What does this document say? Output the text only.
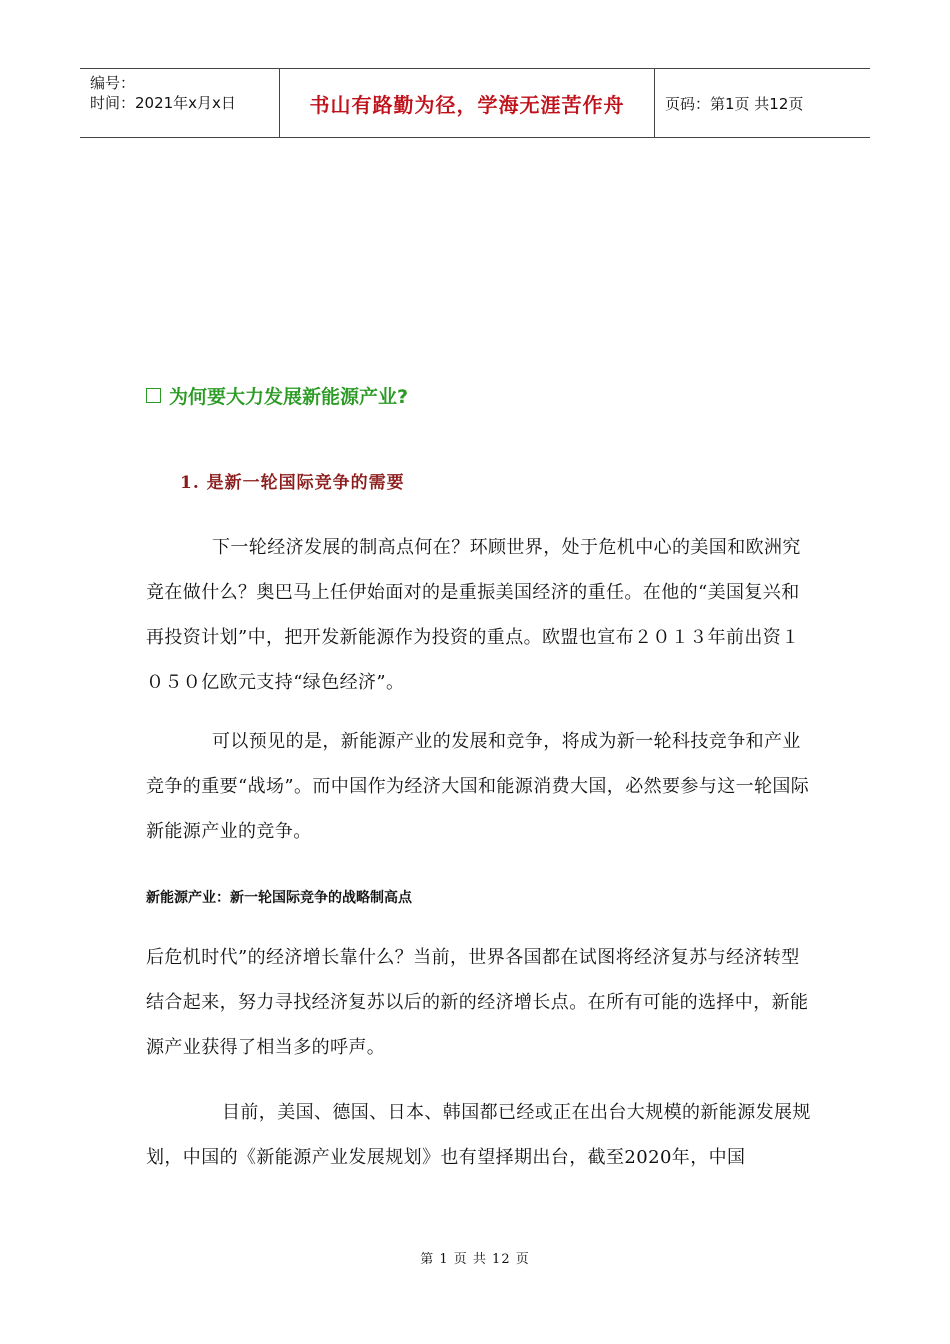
编号：
时间：2021年x月x日	书山有路勤为径，学海无涯苦作舟	页码：第1页 共12页
为何要大力发展新能源产业?
1. 是新一轮国际竞争的需要

下一轮经济发展的制高点何在？环顾世界，处于危机中心的美国和欧洲究竟在做什么？奥巴马上任伊始面对的是重振美国经济的重任。在他的“美国复兴和再投资计划”中，把开发新能源作为投资的重点。欧盟也宣布２０１３年前出资１０５０亿欧元支持“绿色经济”。

可以预见的是，新能源产业的发展和竞争，将成为新一轮科技竞争和产业竞争的重要“战场”。而中国作为经济大国和能源消费大国，必然要参与这一轮国际新能源产业的竞争。

新能源产业：新一轮国际竞争的战略制高点

后危机时代”的经济增长靠什么？当前，世界各国都在试图将经济复苏与经济转型结合起来，努力寻找经济复苏以后的新的经济增长点。在所有可能的选择中，新能源产业获得了相当多的呼声。

目前，美国、德国、日本、韩国都已经或正在出台大规模的新能源发展规划，中国的《新能源产业发展规划》也有望择期出台，截至2020年，中国

第 1 页 共 12 页
